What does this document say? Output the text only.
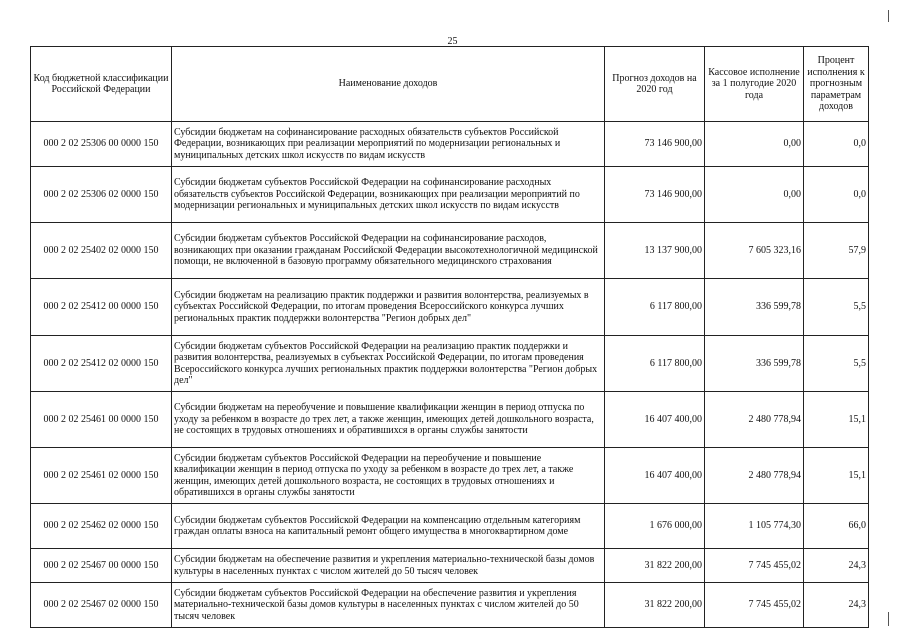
25
Код бюджетной классификации Российской Федерации	Наименование доходов	Прогноз доходов на 2020 год	Кассовое исполнение за 1 полугодие 2020 года	Процент исполнения к прогнозным параметрам доходов
000 2 02 25306 00 0000 150	Субсидии бюджетам на софинансирование расходных обязательств субъектов Российской Федерации, возникающих при реализации мероприятий по модернизации региональных и муниципальных детских школ искусств по видам искусств	73 146 900,00	0,00	0,0
000 2 02 25306 02 0000 150	Субсидии бюджетам субъектов Российской Федерации на софинансирование расходных обязательств субъектов Российской Федерации, возникающих при реализации мероприятий по модернизации региональных и муниципальных детских школ искусств по видам искусств	73 146 900,00	0,00	0,0
000 2 02 25402 02 0000 150	Субсидии бюджетам субъектов Российской Федерации на софинансирование расходов, возникающих при оказании гражданам Российской Федерации высокотехнологичной медицинской помощи, не включенной в базовую программу обязательного медицинского страхования	13 137 900,00	7 605 323,16	57,9
000 2 02 25412 00 0000 150	Субсидии бюджетам на реализацию практик поддержки и развития волонтерства, реализуемых в субъектах Российской Федерации, по итогам проведения Всероссийского конкурса лучших региональных практик поддержки волонтерства "Регион добрых дел"	6 117 800,00	336 599,78	5,5
000 2 02 25412 02 0000 150	Субсидии бюджетам субъектов Российской Федерации на реализацию практик поддержки и развития волонтерства, реализуемых в субъектах Российской Федерации, по итогам проведения Всероссийского конкурса лучших региональных практик поддержки волонтерства "Регион добрых дел"	6 117 800,00	336 599,78	5,5
000 2 02 25461 00 0000 150	Субсидии бюджетам на переобучение и повышение квалификации женщин в период отпуска по уходу за ребенком в возрасте до трех лет, а также женщин, имеющих детей дошкольного возраста, не состоящих в трудовых отношениях и обратившихся в органы службы занятости	16 407 400,00	2 480 778,94	15,1
000 2 02 25461 02 0000 150	Субсидии бюджетам субъектов Российской Федерации на переобучение и повышение квалификации женщин в период отпуска по уходу за ребенком в возрасте до трех лет, а также женщин, имеющих детей дошкольного возраста, не состоящих в трудовых отношениях и обратившихся в органы службы занятости	16 407 400,00	2 480 778,94	15,1
000 2 02 25462 02 0000 150	Субсидии бюджетам субъектов Российской Федерации на компенсацию отдельным категориям граждан оплаты взноса на капитальный ремонт общего имущества в многоквартирном доме	1 676 000,00	1 105 774,30	66,0
000 2 02 25467 00 0000 150	Субсидии бюджетам на обеспечение развития и укрепления материально-технической базы домов культуры в населенных пунктах с числом жителей до 50 тысяч человек	31 822 200,00	7 745 455,02	24,3
000 2 02 25467 02 0000 150	Субсидии бюджетам субъектов Российской Федерации на обеспечение развития и укрепления материально-технической базы домов культуры в населенных пунктах с числом жителей до 50 тысяч человек	31 822 200,00	7 745 455,02	24,3
